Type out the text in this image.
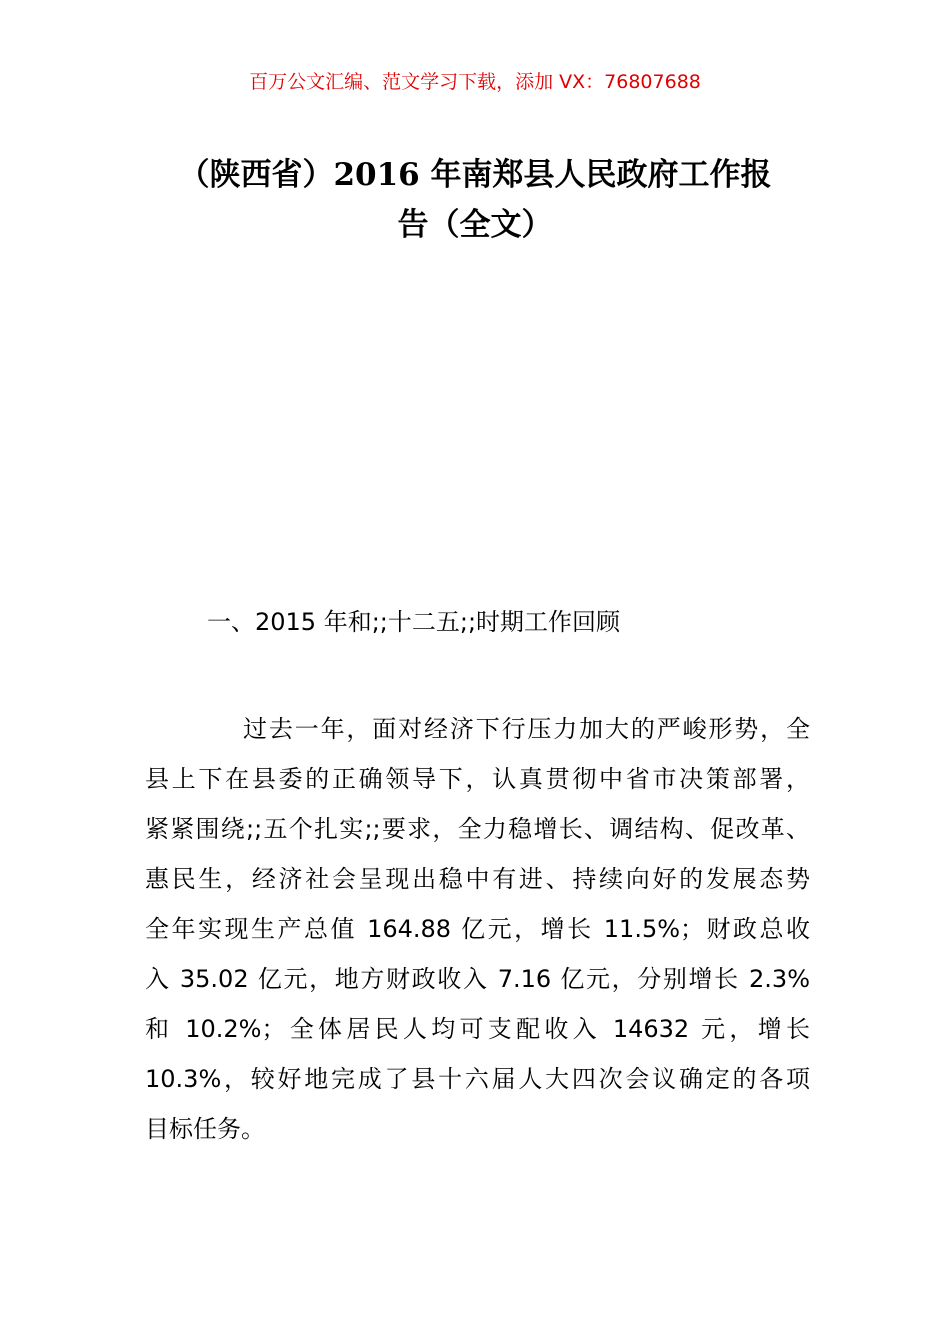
百万公文汇编、范文学习下载，添加 VX：76807688
（陕西省）2016 年南郑县人民政府工作报
告（全文）
一、2015 年和;;十二五;;时期工作回顾
过去一年，面对经济下行压力加大的严峻形势，全
县上下在县委的正确领导下，认真贯彻中省市决策部署，
紧紧围绕;;五个扎实;;要求，全力稳增长、调结构、促改革、
惠民生，经济社会呈现出稳中有进、持续向好的发展态势
全年实现生产总值 164.88 亿元，增长 11.5%；财政总收
入 35.02 亿元，地方财政收入 7.16 亿元，分别增长 2.3%
和 10.2%；全体居民人均可支配收入 14632 元，增长
10.3%，较好地完成了县十六届人大四次会议确定的各项
目标任务。
